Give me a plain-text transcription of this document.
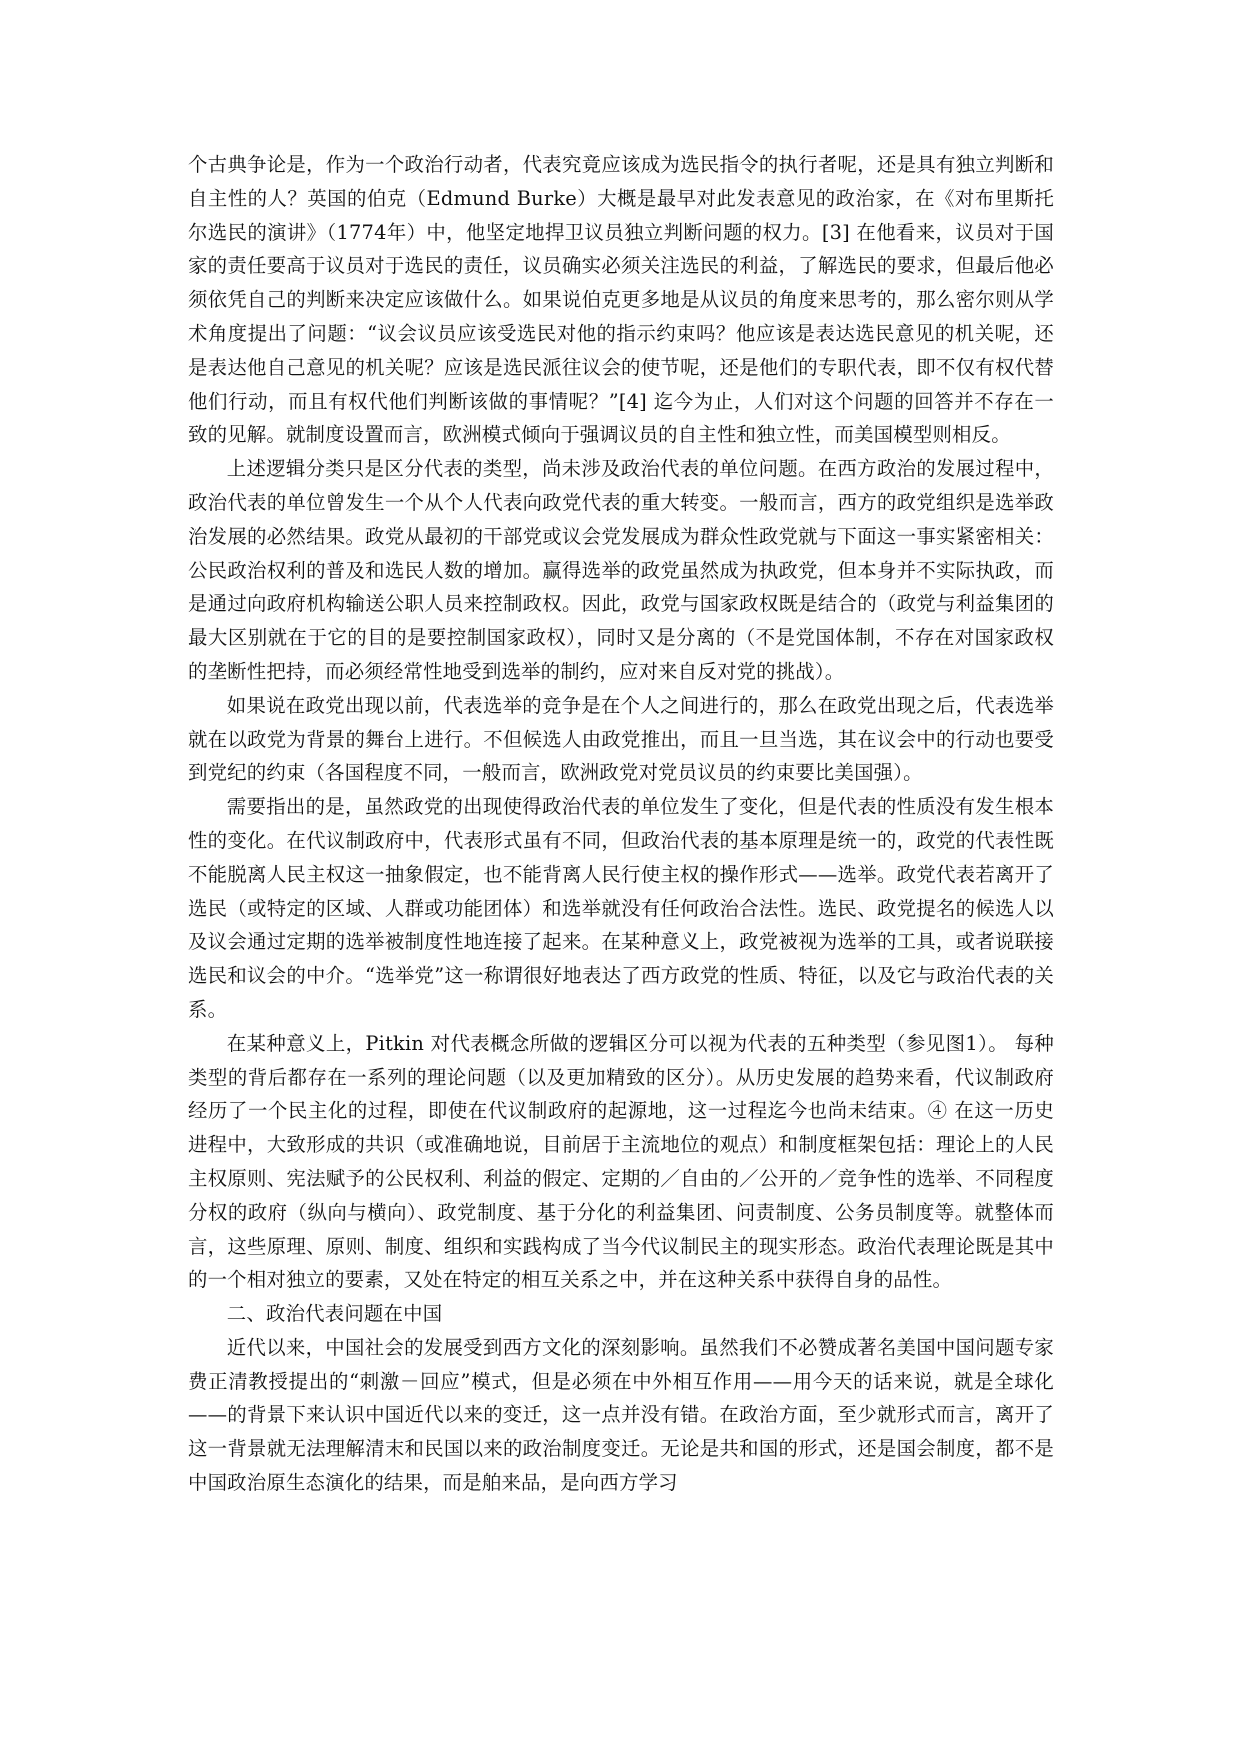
个古典争论是，作为一个政治行动者，代表究竟应该成为选民指令的执行者呢，还是具有独立判断和自主性的人？英国的伯克（Edmund Burke）大概是最早对此发表意见的政治家，在《对布里斯托尔选民的演讲》（1774年）中，他坚定地捍卫议员独立判断问题的权力。[3] 在他看来，议员对于国家的责任要高于议员对于选民的责任，议员确实必须关注选民的利益，了解选民的要求，但最后他必须依凭自己的判断来决定应该做什么。如果说伯克更多地是从议员的角度来思考的，那么密尔则从学术角度提出了问题：“议会议员应该受选民对他的指示约束吗？他应该是表达选民意见的机关呢，还是表达他自己意见的机关呢？应该是选民派往议会的使节呢，还是他们的专职代表，即不仅有权代替他们行动，而且有权代他们判断该做的事情呢？”[4] 迄今为止，人们对这个问题的回答并不存在一致的见解。就制度设置而言，欧洲模式倾向于强调议员的自主性和独立性，而美国模型则相反。

上述逻辑分类只是区分代表的类型，尚未涉及政治代表的单位问题。在西方政治的发展过程中，政治代表的单位曾发生一个从个人代表向政党代表的重大转变。一般而言，西方的政党组织是选举政治发展的必然结果。政党从最初的干部党或议会党发展成为群众性政党就与下面这一事实紧密相关：公民政治权利的普及和选民人数的增加。赢得选举的政党虽然成为执政党，但本身并不实际执政，而是通过向政府机构输送公职人员来控制政权。因此，政党与国家政权既是结合的（政党与利益集团的最大区别就在于它的目的是要控制国家政权），同时又是分离的（不是党国体制，不存在对国家政权的垄断性把持，而必须经常性地受到选举的制约，应对来自反对党的挑战）。

如果说在政党出现以前，代表选举的竞争是在个人之间进行的，那么在政党出现之后，代表选举就在以政党为背景的舞台上进行。不但候选人由政党推出，而且一旦当选，其在议会中的行动也要受到党纪的约束（各国程度不同，一般而言，欧洲政党对党员议员的约束要比美国强）。

需要指出的是，虽然政党的出现使得政治代表的单位发生了变化，但是代表的性质没有发生根本性的变化。在代议制政府中，代表形式虽有不同，但政治代表的基本原理是统一的，政党的代表性既不能脱离人民主权这一抽象假定，也不能背离人民行使主权的操作形式——选举。政党代表若离开了选民（或特定的区域、人群或功能团体）和选举就没有任何政治合法性。选民、政党提名的候选人以及议会通过定期的选举被制度性地连接了起来。在某种意义上，政党被视为选举的工具，或者说联接选民和议会的中介。“选举党”这一称谓很好地表达了西方政党的性质、特征，以及它与政治代表的关系。

在某种意义上，Pitkin 对代表概念所做的逻辑区分可以视为代表的五种类型（参见图1）。 每种类型的背后都存在一系列的理论问题（以及更加精致的区分）。从历史发展的趋势来看，代议制政府经历了一个民主化的过程，即使在代议制政府的起源地，这一过程迄今也尚未结束。④ 在这一历史进程中，大致形成的共识（或准确地说，目前居于主流地位的观点）和制度框架包括：理论上的人民主权原则、宪法赋予的公民权利、利益的假定、定期的／自由的／公开的／竞争性的选举、不同程度分权的政府（纵向与横向）、政党制度、基于分化的利益集团、问责制度、公务员制度等。就整体而言，这些原理、原则、制度、组织和实践构成了当今代议制民主的现实形态。政治代表理论既是其中的一个相对独立的要素，又处在特定的相互关系之中，并在这种关系中获得自身的品性。

二、政治代表问题在中国

近代以来，中国社会的发展受到西方文化的深刻影响。虽然我们不必赞成著名美国中国问题专家费正清教授提出的“刺激－回应”模式，但是必须在中外相互作用——用今天的话来说，就是全球化——的背景下来认识中国近代以来的变迁，这一点并没有错。在政治方面，至少就形式而言，离开了这一背景就无法理解清末和民国以来的政治制度变迁。无论是共和国的形式，还是国会制度，都不是中国政治原生态演化的结果，而是舶来品，是向西方学习
